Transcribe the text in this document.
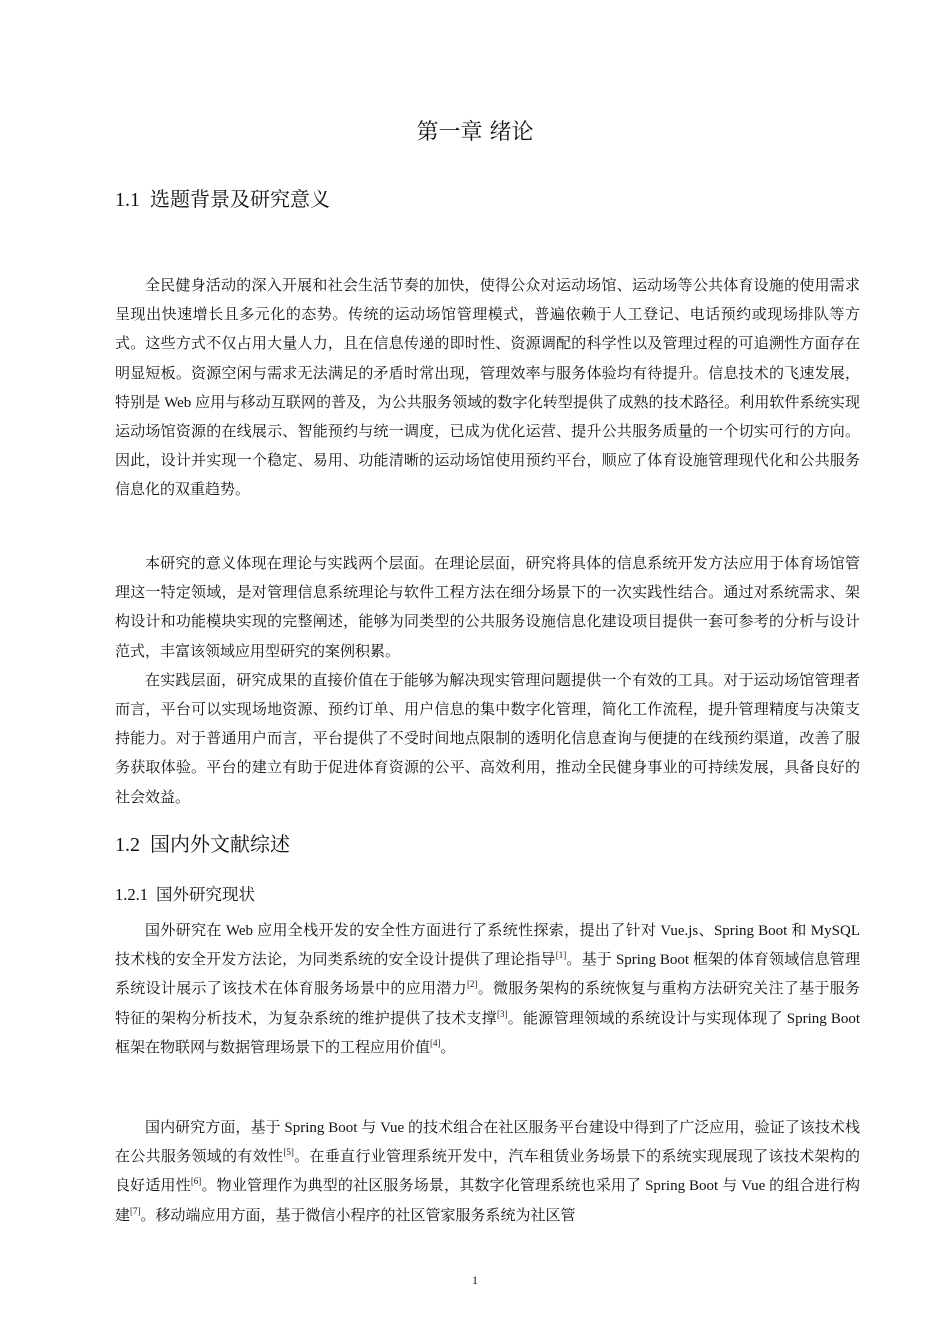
第一章 绪论
1.1 选题背景及研究意义

全民健身活动的深入开展和社会生活节奏的加快，使得公众对运动场馆、运动场等公共体育设施的使用需求呈现出快速增长且多元化的态势。传统的运动场馆管理模式，普遍依赖于人工登记、电话预约或现场排队等方式。这些方式不仅占用大量人力，且在信息传递的即时性、资源调配的科学性以及管理过程的可追溯性方面存在明显短板。资源空闲与需求无法满足的矛盾时常出现，管理效率与服务体验均有待提升。信息技术的飞速发展，特别是 Web 应用与移动互联网的普及，为公共服务领域的数字化转型提供了成熟的技术路径。利用软件系统实现运动场馆资源的在线展示、智能预约与统一调度，已成为优化运营、提升公共服务质量的一个切实可行的方向。因此，设计并实现一个稳定、易用、功能清晰的运动场馆使用预约平台，顺应了体育设施管理现代化和公共服务信息化的双重趋势。

本研究的意义体现在理论与实践两个层面。在理论层面，研究将具体的信息系统开发方法应用于体育场馆管理这一特定领域，是对管理信息系统理论与软件工程方法在细分场景下的一次实践性结合。通过对系统需求、架构设计和功能模块实现的完整阐述，能够为同类型的公共服务设施信息化建设项目提供一套可参考的分析与设计范式，丰富该领域应用型研究的案例积累。

在实践层面，研究成果的直接价值在于能够为解决现实管理问题提供一个有效的工具。对于运动场馆管理者而言，平台可以实现场地资源、预约订单、用户信息的集中数字化管理，简化工作流程，提升管理精度与决策支持能力。对于普通用户而言，平台提供了不受时间地点限制的透明化信息查询与便捷的在线预约渠道，改善了服务获取体验。平台的建立有助于促进体育资源的公平、高效利用，推动全民健身事业的可持续发展，具备良好的社会效益。

1.2 国内外文献综述
1.2.1 国外研究现状

国外研究在 Web 应用全栈开发的安全性方面进行了系统性探索，提出了针对 Vue.js、Spring Boot 和 MySQL 技术栈的安全开发方法论，为同类系统的安全设计提供了理论指导[1]。基于 Spring Boot 框架的体育领域信息管理系统设计展示了该技术在体育服务场景中的应用潜力[2]。微服务架构的系统恢复与重构方法研究关注了基于服务特征的架构分析技术，为复杂系统的维护提供了技术支撑[3]。能源管理领域的系统设计与实现体现了 Spring Boot 框架在物联网与数据管理场景下的工程应用价值[4]。

国内研究方面，基于 Spring Boot 与 Vue 的技术组合在社区服务平台建设中得到了广泛应用，验证了该技术栈在公共服务领域的有效性[5]。在垂直行业管理系统开发中，汽车租赁业务场景下的系统实现展现了该技术架构的良好适用性[6]。物业管理作为典型的社区服务场景，其数字化管理系统也采用了 Spring Boot 与 Vue 的组合进行构建[7]。移动端应用方面，基于微信小程序的社区管家服务系统为社区管

1
